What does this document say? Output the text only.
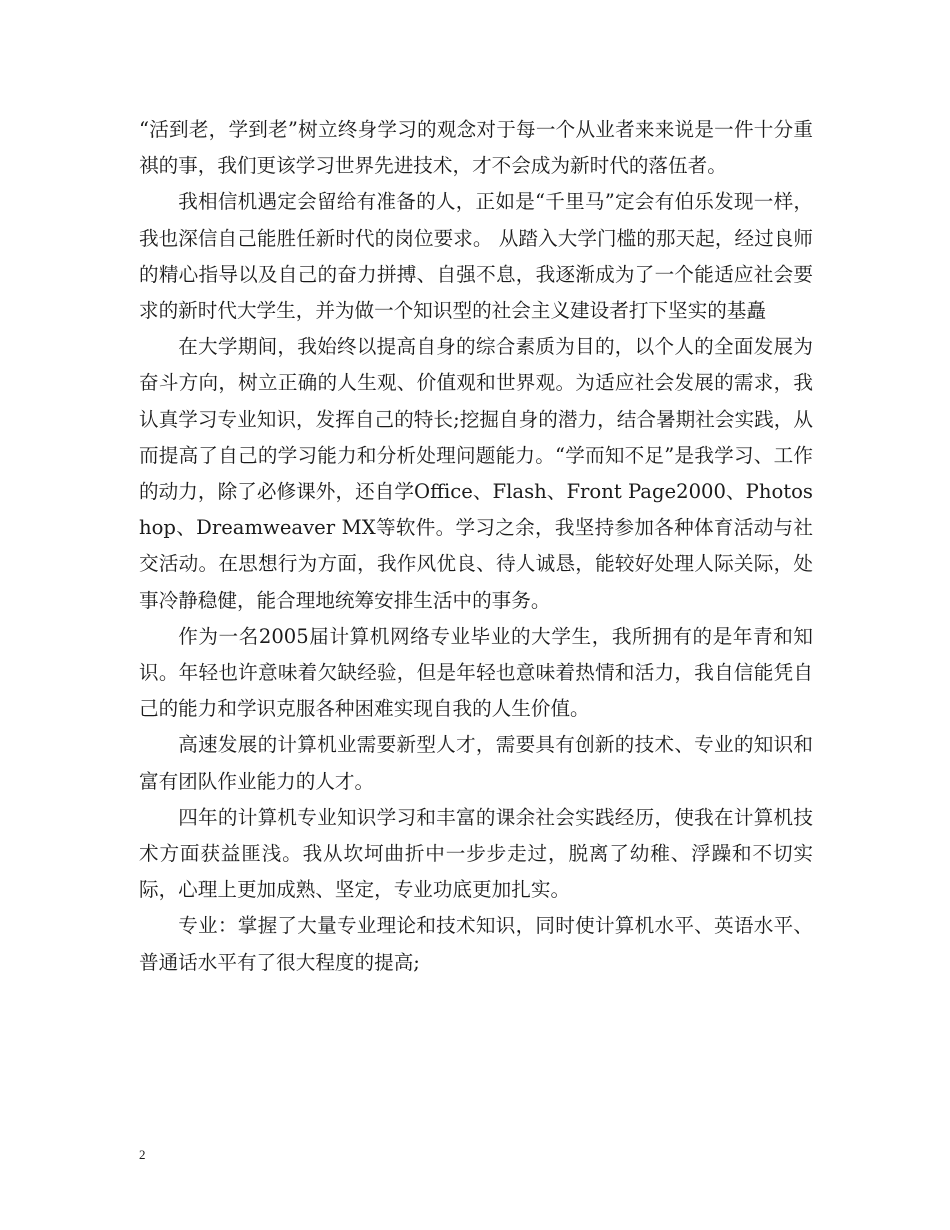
“活到老，学到老”树立终身学习的观念对于每一个从业者来来说是一件十分重祺的事，我们更该学习世界先进技术，才不会成为新时代的落伍者。

我相信机遇定会留给有准备的人，正如是“千里马”定会有伯乐发现一样，我也深信自己能胜任新时代的岗位要求。 从踏入大学门槛的那天起，经过良师的精心指导以及自己的奋力拼搏、自强不息，我逐渐成为了一个能适应社会要求的新时代大学生，并为做一个知识型的社会主义建设者打下坚实的基矗

在大学期间，我始终以提高自身的综合素质为目的，以个人的全面发展为奋斗方向，树立正确的人生观、价值观和世界观。为适应社会发展的需求，我认真学习专业知识，发挥自己的特长;挖掘自身的潜力，结合暑期社会实践，从而提高了自己的学习能力和分析处理问题能力。“学而知不足”是我学习、工作的动力，除了必修课外，还自学Office、Flash、Front Page2000、Photoshop、Dreamweaver MX等软件。学习之余，我坚持参加各种体育活动与社交活动。在思想行为方面，我作风优良、待人诚恳，能较好处理人际关际，处事冷静稳健，能合理地统筹安排生活中的事务。

作为一名2005届计算机网络专业毕业的大学生，我所拥有的是年青和知识。年轻也许意味着欠缺经验，但是年轻也意味着热情和活力，我自信能凭自己的能力和学识克服各种困难实现自我的人生价值。

高速发展的计算机业需要新型人才，需要具有创新的技术、专业的知识和富有团队作业能力的人才。

四年的计算机专业知识学习和丰富的课余社会实践经历，使我在计算机技术方面获益匪浅。我从坎坷曲折中一步步走过，脱离了幼稚、浮躁和不切实际，心理上更加成熟、坚定，专业功底更加扎实。

专业：掌握了大量专业理论和技术知识，同时使计算机水平、英语水平、普通话水平有了很大程度的提高;

2
